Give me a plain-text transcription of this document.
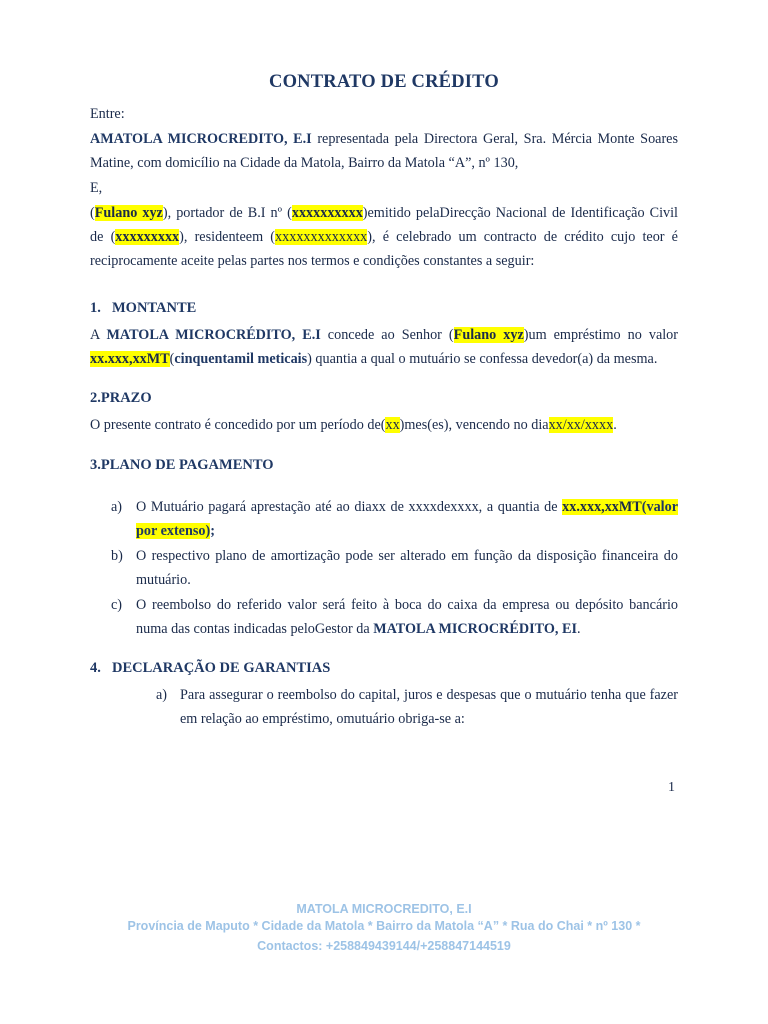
CONTRATO DE CRÉDITO
Entre:
AMATOLA MICROCREDITO, E.I representada pela Directora Geral, Sra. Mércia Monte Soares Matine, com domicílio na Cidade da Matola, Bairro da Matola “A”, nº 130,
E,
(Fulano xyz), portador de B.I nº (xxxxxxxxxx)emitido pelaDirecção Nacional de Identificação Civil de (xxxxxxxxx), residenteem (xxxxxxxxxxxxx), é celebrado um contracto de crédito cujo teor é reciprocamente aceite pelas partes nos termos e condições constantes a seguir:
1. MONTANTE
A MATOLA MICROCRÉDITO, E.I concede ao Senhor (Fulano xyz)um empréstimo no valor xx.xxx,xxMT(cinquentamil meticais) quantia a qual o mutuário se confessa devedor(a) da mesma.
2.PRAZO
O presente contrato é concedido por um período de(xx)mes(es), vencendo no diaxx/xx/xxxx.
3.PLANO DE PAGAMENTO
a) O Mutuário pagará aprestação até ao diaxx de xxxxdexxxx, a quantia de xx.xxx,xxMT(valor por extenso);
b) O respectivo plano de amortização pode ser alterado em função da disposição financeira do mutuário.
c) O reembolso do referido valor será feito à boca do caixa da empresa ou depósito bancário numa das contas indicadas peloGestor da MATOLA MICROCRÉDITO, EI.
4. DECLARAÇÃO DE GARANTIAS
a) Para assegurar o reembolso do capital, juros e despesas que o mutuário tenha que fazer em relação ao empréstimo, omutuário obriga-se a:
1
MATOLA MICROCREDITO, E.I
Província de Maputo * Cidade da Matola * Bairro da Matola “A” * Rua do Chai * nº 130 *
Contactos: +258849439144/+258847144519
